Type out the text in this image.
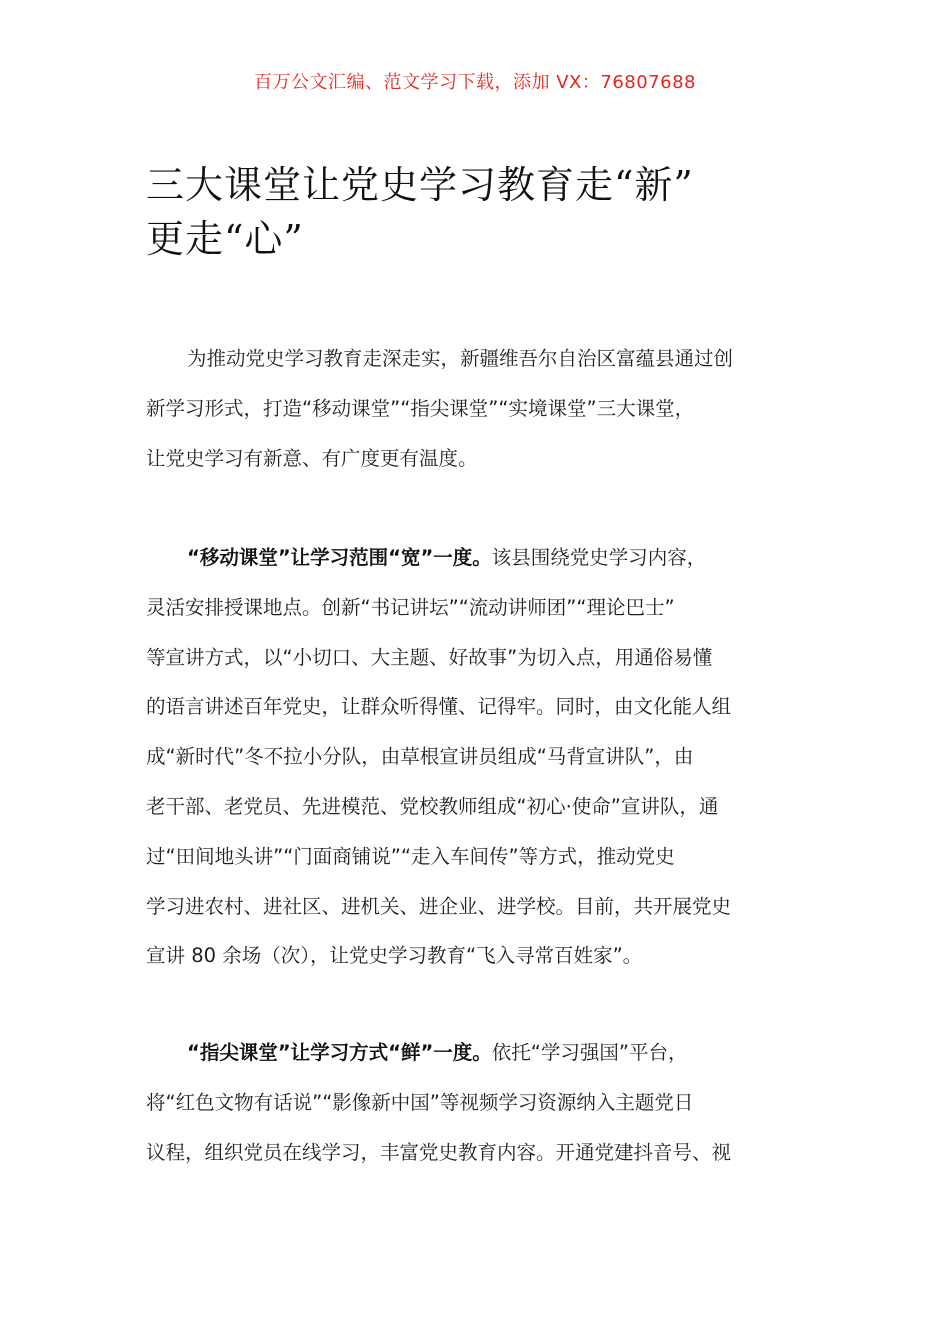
百万公文汇编、范文学习下载，添加 VX：76807688
三大课堂让党史学习教育走“新”
更走“心”
为推动党史学习教育走深走实，新疆维吾尔自治区富蕴县通过创
新学习形式，打造“移动课堂”“指尖课堂”“实境课堂”三大课堂，
让党史学习有新意、有广度更有温度。
“移动课堂”让学习范围“宽”一度。该县围绕党史学习内容，
灵活安排授课地点。创新“书记讲坛”“流动讲师团”“理论巴士”
等宣讲方式，以“小切口、大主题、好故事”为切入点，用通俗易懂
的语言讲述百年党史，让群众听得懂、记得牢。同时，由文化能人组
成“新时代”冬不拉小分队，由草根宣讲员组成“马背宣讲队”，由
老干部、老党员、先进模范、党校教师组成“初心·使命”宣讲队，通
过“田间地头讲”“门面商铺说”“走入车间传”等方式，推动党史
学习进农村、进社区、进机关、进企业、进学校。目前，共开展党史
宣讲 80 余场（次），让党史学习教育“飞入寻常百姓家”。
“指尖课堂”让学习方式“鲜”一度。依托“学习强国”平台，
将“红色文物有话说”“影像新中国”等视频学习资源纳入主题党日
议程，组织党员在线学习，丰富党史教育内容。开通党建抖音号、视
